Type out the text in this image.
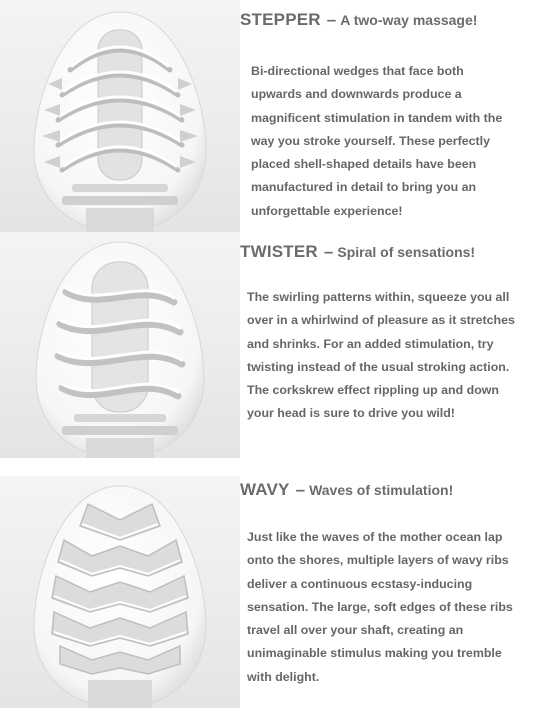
STEPPER – A two-way massage!

Bi-directional wedges that face both upwards and downwards produce a magnificent stimulation in tandem with the way you stroke yourself. These perfectly placed shell-shaped details have been manufactured in detail to bring you an unforgettable experience!

TWISTER – Spiral of sensations!

The swirling patterns within, squeeze you all over in a whirlwind of pleasure as it stretches and shrinks. For an added stimulation, try twisting instead of the usual stroking action. The corkskrew effect rippling up and down your head is sure to drive you wild!

WAVY – Waves of stimulation!

Just like the waves of the mother ocean lap onto the shores, multiple layers of wavy ribs deliver a continuous ecstasy-inducing sensation. The large, soft edges of these ribs travel all over your shaft, creating an unimaginable stimulus making you tremble with delight.
